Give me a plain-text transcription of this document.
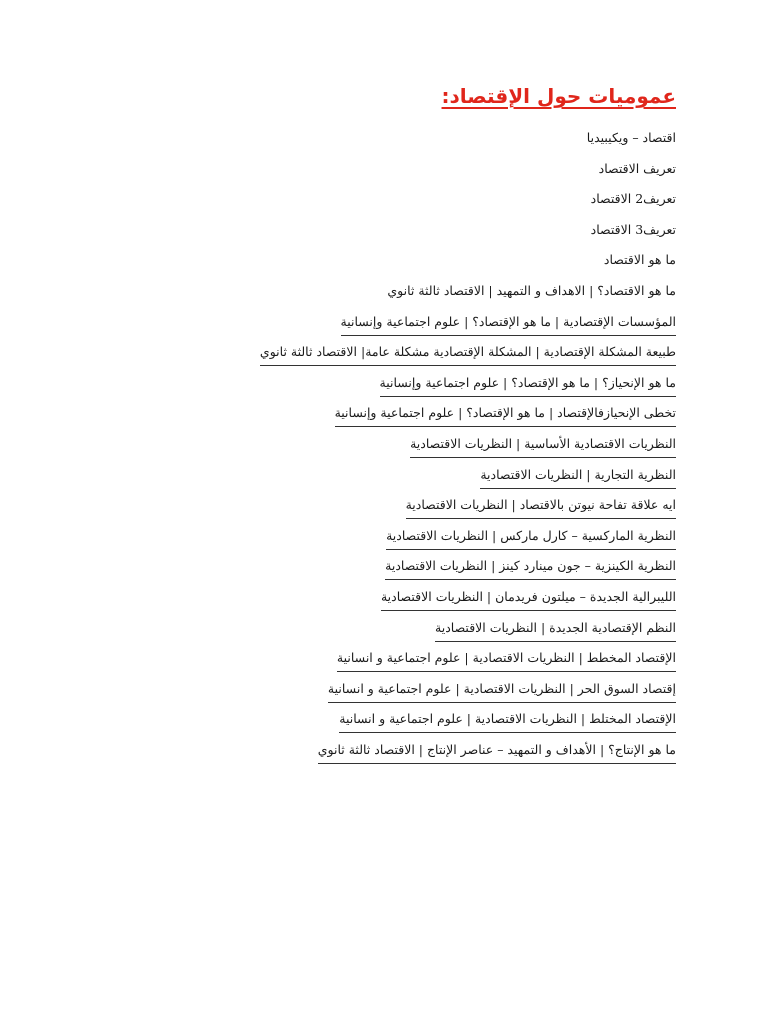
عموميات حول الإقتصاد:
اقتصاد – ويكيبيديا
تعريف الاقتصاد
تعريف2 الاقتصاد
تعريف3 الاقتصاد
ما هو الاقتصاد
ما هو الاقتصاد؟ | الاهداف و التمهيد | الاقتصاد ثالثة ثانوي
المؤسسات الإقتصادية | ما هو الإقتصاد؟ | علوم اجتماعية وإنسانية
طبيعة المشكلة الإقتصادية | المشكلة الإقتصادية مشكلة عامة| الاقتصاد ثالثة ثانوي
ما هو الإنحياز؟ | ما هو الإقتصاد؟ | علوم اجتماعية وإنسانية
تخطى الإنحيازفالإقتصاد | ما هو الإقتصاد؟ | علوم اجتماعية وإنسانية
النظريات الاقتصادية الأساسية | النظريات الاقتصادية
النظرية التجارية | النظريات الاقتصادية
ايه علاقة تفاحة نيوتن بالاقتصاد | النظريات الاقتصادية
النظرية الماركسية – كارل ماركس | النظريات الاقتصادية
النظرية الكينزية – جون مينارد كينز | النظريات الاقتصادية
الليبرالية الجديدة – ميلتون فريدمان | النظريات الاقتصادية
النظم الإقتصادية الجديدة | النظريات الاقتصادية
الإقتصاد المخطط | النظريات الاقتصادية | علوم اجتماعية و انسانية
إقتصاد السوق الحر | النظريات الاقتصادية | علوم اجتماعية و انسانية
الإقتصاد المختلط | النظريات الاقتصادية | علوم اجتماعية و انسانية
ما هو الإنتاج؟ | الأهداف و التمهيد – عناصر الإنتاج | الاقتصاد ثالثة ثانوي
